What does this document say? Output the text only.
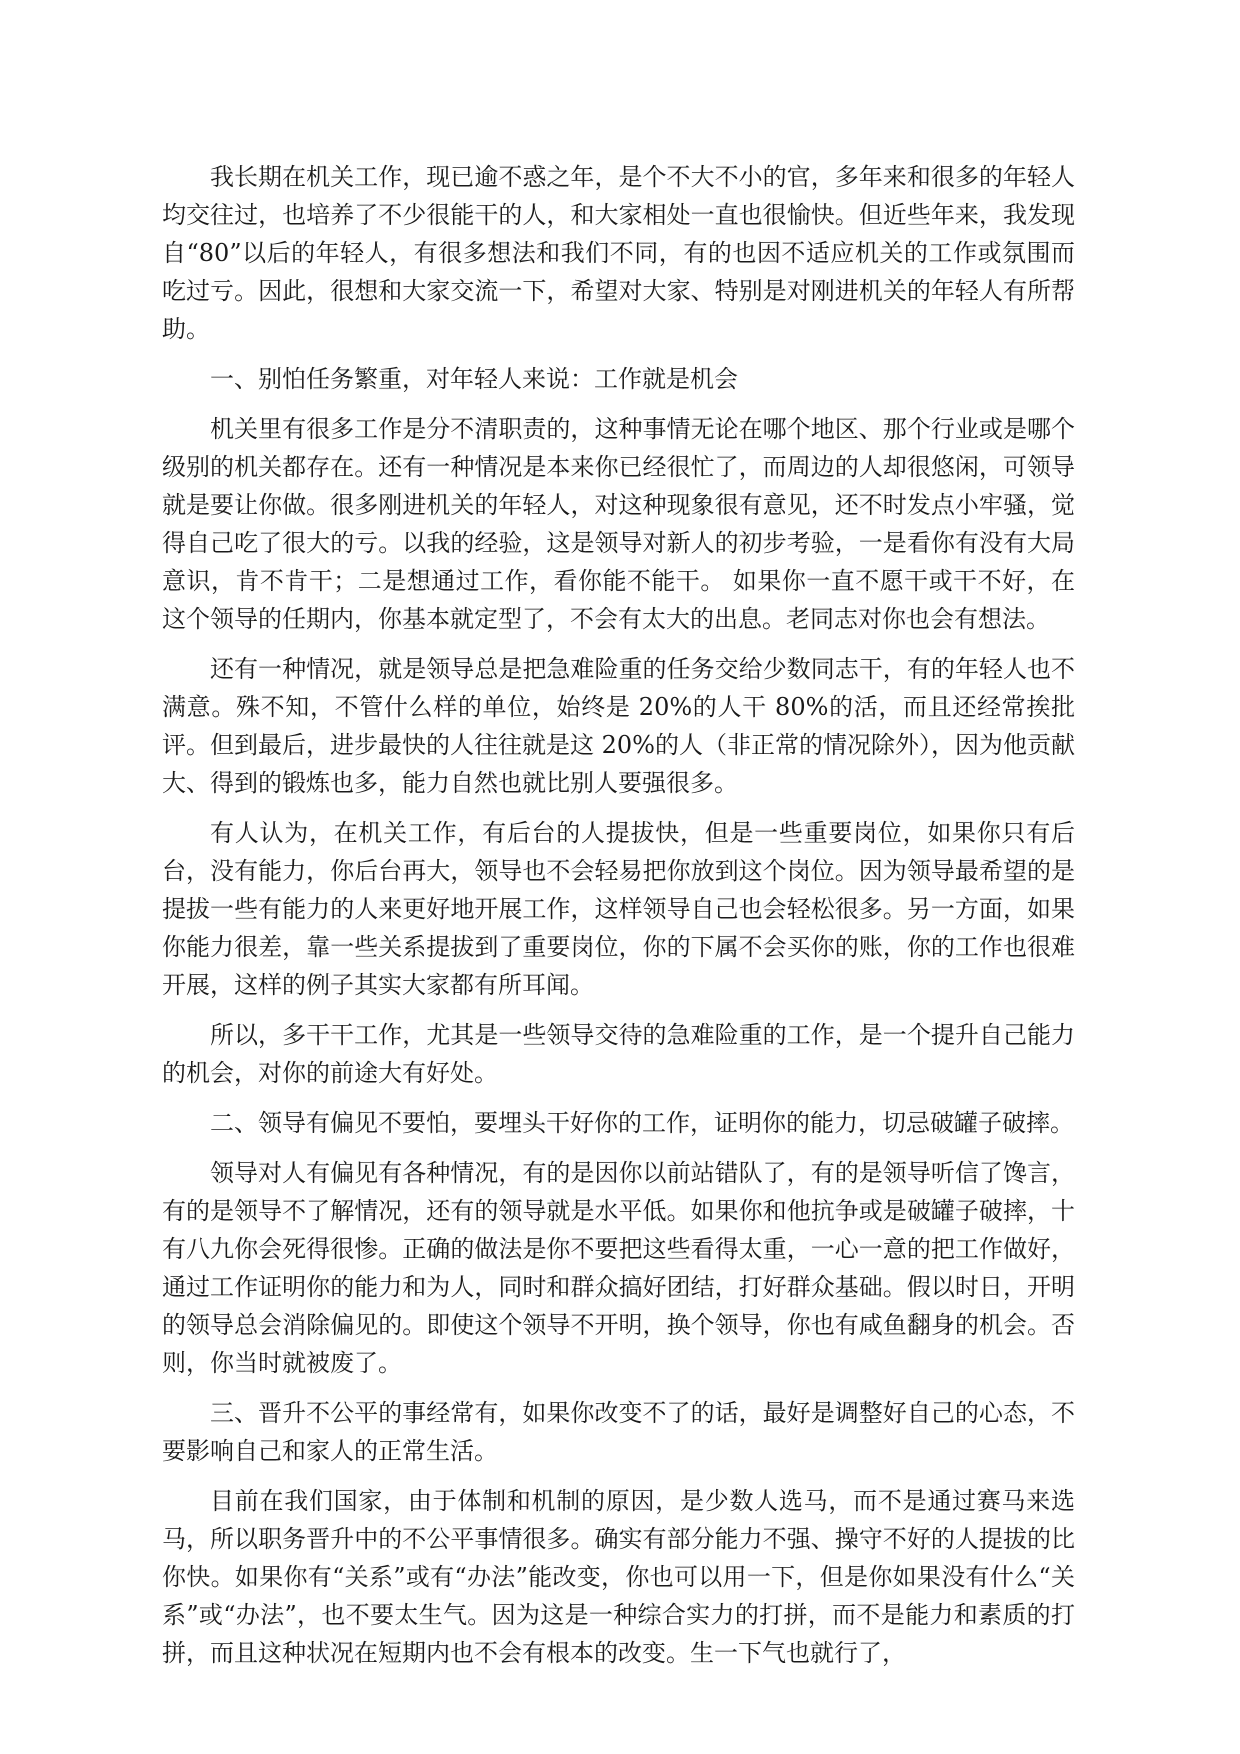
我长期在机关工作，现已逾不惑之年，是个不大不小的官，多年来和很多的年轻人均交往过，也培养了不少很能干的人，和大家相处一直也很愉快。但近些年来，我发现自“80”以后的年轻人，有很多想法和我们不同，有的也因不适应机关的工作或氛围而吃过亏。因此，很想和大家交流一下，希望对大家、特别是对刚进机关的年轻人有所帮助。

一、别怕任务繁重，对年轻人来说：工作就是机会

机关里有很多工作是分不清职责的，这种事情无论在哪个地区、那个行业或是哪个级别的机关都存在。还有一种情况是本来你已经很忙了，而周边的人却很悠闲，可领导就是要让你做。很多刚进机关的年轻人，对这种现象很有意见，还不时发点小牢骚，觉得自己吃了很大的亏。以我的经验，这是领导对新人的初步考验，一是看你有没有大局意识，肯不肯干；二是想通过工作，看你能不能干。 如果你一直不愿干或干不好，在这个领导的任期内，你基本就定型了，不会有太大的出息。老同志对你也会有想法。

还有一种情况，就是领导总是把急难险重的任务交给少数同志干，有的年轻人也不满意。殊不知，不管什么样的单位，始终是 20%的人干 80%的活，而且还经常挨批评。但到最后，进步最快的人往往就是这 20%的人（非正常的情况除外），因为他贡献大、得到的锻炼也多，能力自然也就比别人要强很多。

有人认为，在机关工作，有后台的人提拔快，但是一些重要岗位，如果你只有后台，没有能力，你后台再大，领导也不会轻易把你放到这个岗位。因为领导最希望的是提拔一些有能力的人来更好地开展工作，这样领导自己也会轻松很多。另一方面，如果你能力很差，靠一些关系提拔到了重要岗位，你的下属不会买你的账，你的工作也很难开展，这样的例子其实大家都有所耳闻。

所以，多干干工作，尤其是一些领导交待的急难险重的工作，是一个提升自己能力的机会，对你的前途大有好处。

二、领导有偏见不要怕，要埋头干好你的工作，证明你的能力，切忌破罐子破摔。

领导对人有偏见有各种情况，有的是因你以前站错队了，有的是领导听信了馋言，有的是领导不了解情况，还有的领导就是水平低。如果你和他抗争或是破罐子破摔，十有八九你会死得很惨。正确的做法是你不要把这些看得太重，一心一意的把工作做好，通过工作证明你的能力和为人，同时和群众搞好团结，打好群众基础。假以时日，开明的领导总会消除偏见的。即使这个领导不开明，换个领导，你也有咸鱼翻身的机会。否则，你当时就被废了。

三、晋升不公平的事经常有，如果你改变不了的话，最好是调整好自己的心态，不要影响自己和家人的正常生活。

目前在我们国家，由于体制和机制的原因，是少数人选马，而不是通过赛马来选马，所以职务晋升中的不公平事情很多。确实有部分能力不强、操守不好的人提拔的比你快。如果你有“关系”或有“办法”能改变，你也可以用一下，但是你如果没有什么“关系”或“办法”，也不要太生气。因为这是一种综合实力的打拼，而不是能力和素质的打拼，而且这种状况在短期内也不会有根本的改变。生一下气也就行了，
